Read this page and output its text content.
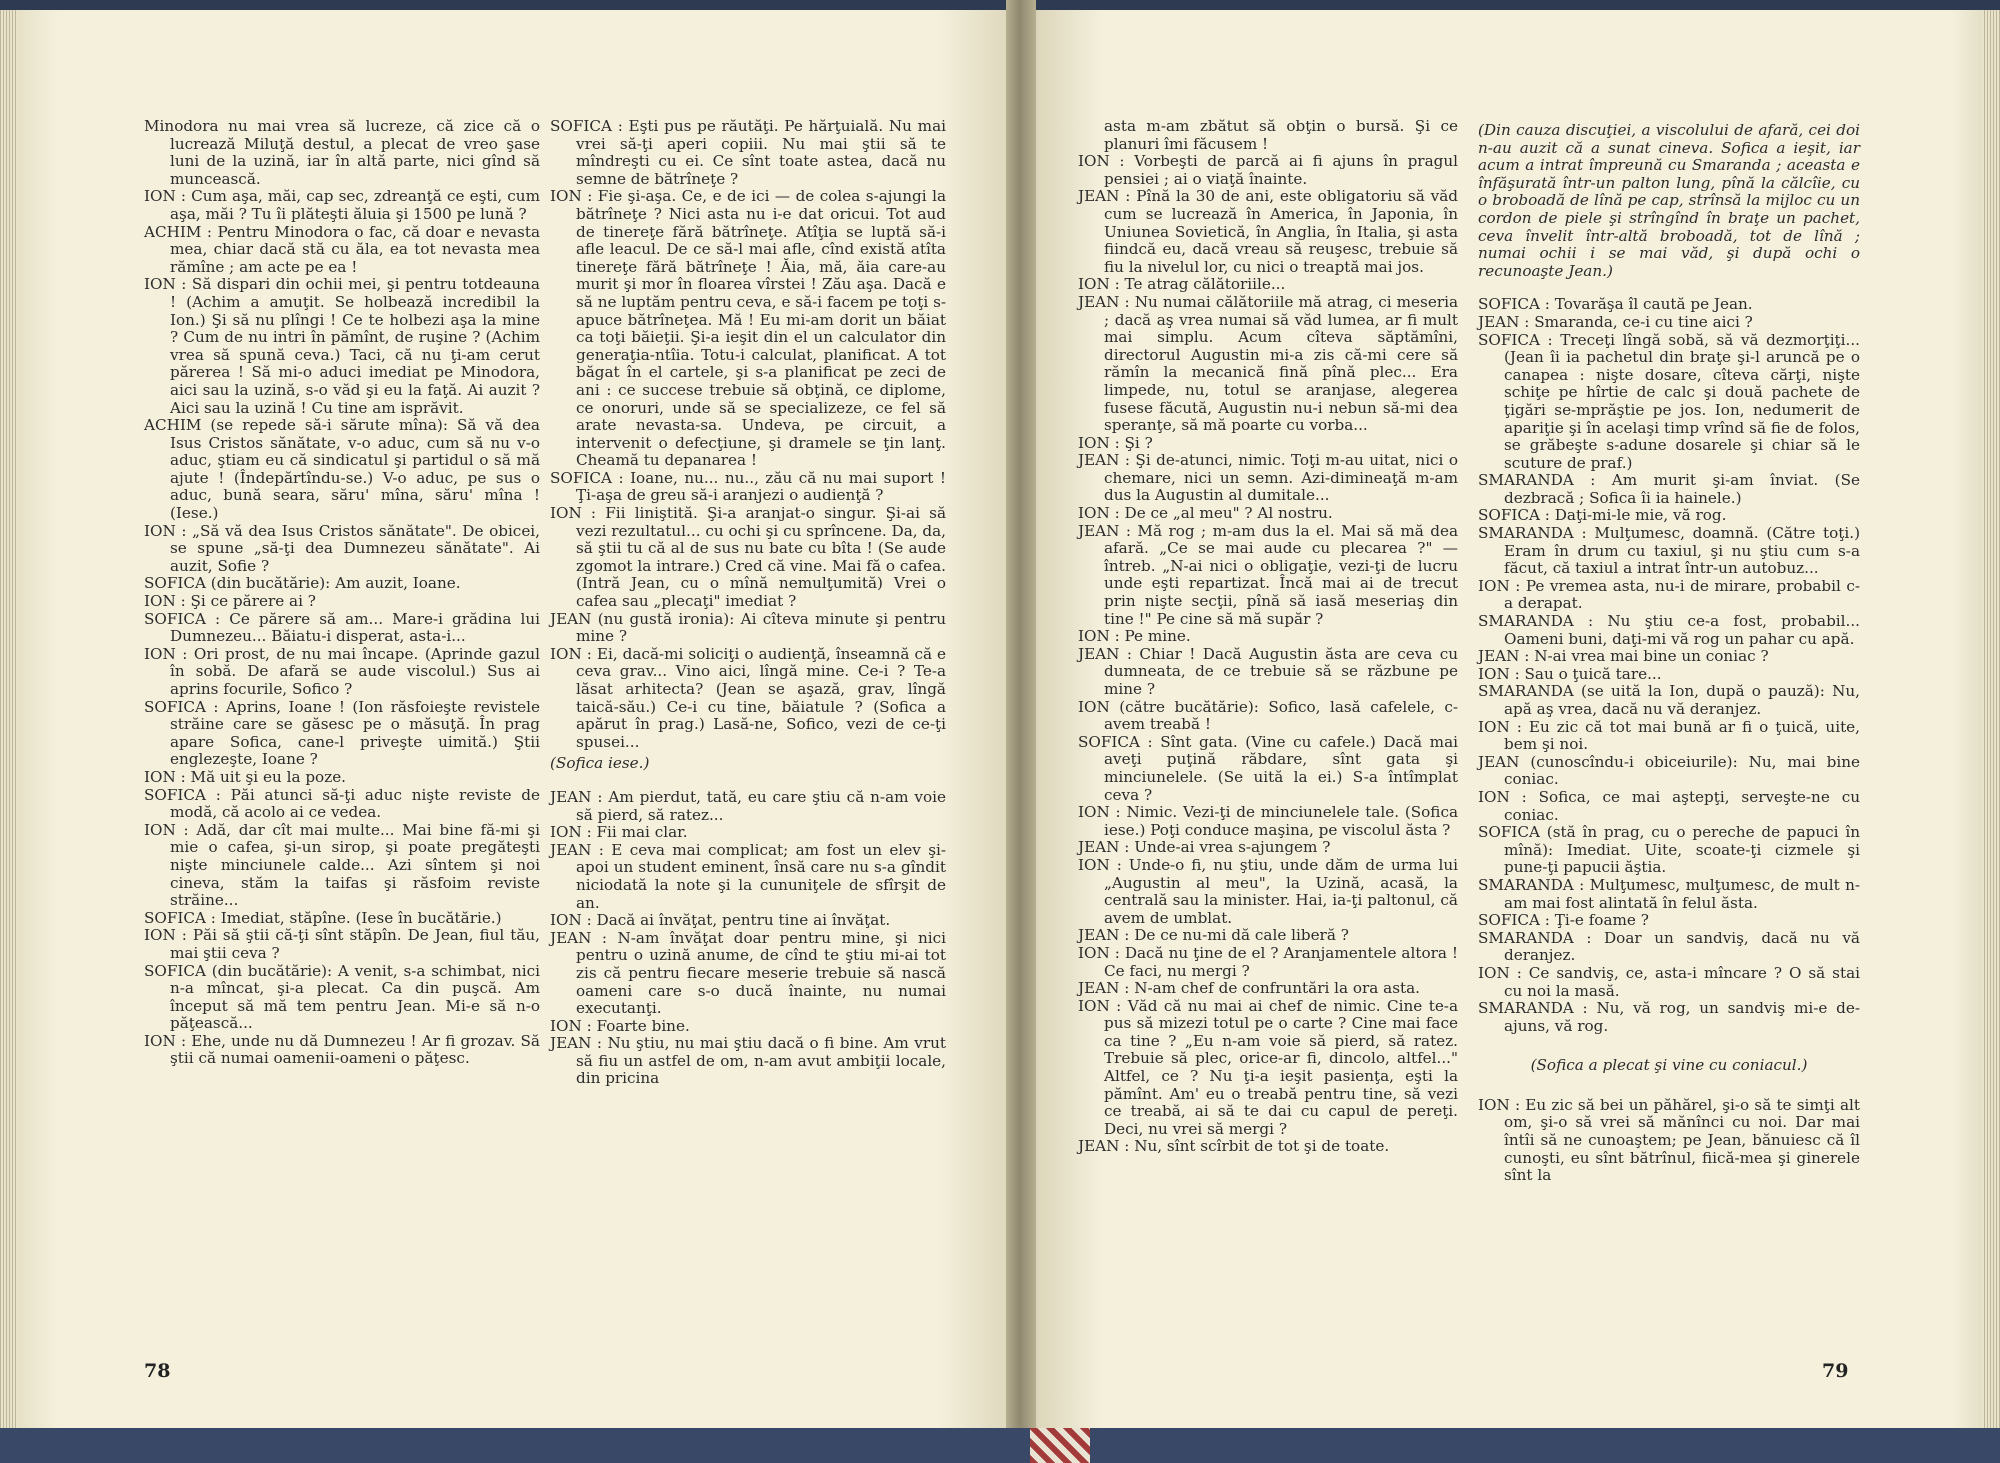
Minodora nu mai vrea să lucreze, că zice că o lucrează Miluţă destul, a plecat de vreo şase luni de la uzină, iar în altă parte, nici gînd să muncească.

ION : Cum aşa, măi, cap sec, zdreanţă ce eşti, cum aşa, măi ? Tu îi plăteşti ăluia şi 1500 pe lună ?

ACHIM : Pentru Minodora o fac, că doar e nevasta mea, chiar dacă stă cu ăla, ea tot nevasta mea rămîne ; am acte pe ea !

ION : Să dispari din ochii mei, şi pentru totdeauna ! (Achim a amuţit. Se holbează incredibil la Ion.) Şi să nu plîngi ! Ce te holbezi aşa la mine ? Cum de nu intri în pămînt, de ruşine ? (Achim vrea să spună ceva.) Taci, că nu ţi-am cerut părerea ! Să mi-o aduci imediat pe Minodora, aici sau la uzină, s-o văd şi eu la faţă. Ai auzit ? Aici sau la uzină ! Cu tine am isprăvit.

ACHIM (se repede să-i sărute mîna): Să vă dea Isus Cristos sănătate, v-o aduc, cum să nu v-o aduc, ştiam eu că sindicatul şi partidul o să mă ajute ! (Îndepărtîndu-se.) V-o aduc, pe sus o aduc, bună seara, săru' mîna, săru' mîna ! (Iese.)

ION : „Să vă dea Isus Cristos sănătate". De obicei, se spune „să-ţi dea Dumnezeu sănătate". Ai auzit, Sofie ?

SOFICA (din bucătărie): Am auzit, Ioane.

ION : Şi ce părere ai ?

SOFICA : Ce părere să am... Mare-i grădina lui Dumnezeu... Băiatu-i disperat, asta-i...

ION : Ori prost, de nu mai încape. (Aprinde gazul în sobă. De afară se aude viscolul.) Sus ai aprins focurile, Sofico ?

SOFICA : Aprins, Ioane ! (Ion răsfoieşte revistele străine care se găsesc pe o măsuţă. În prag apare Sofica, cane-l priveşte uimită.) Ştii englezeşte, Ioane ?

ION : Mă uit şi eu la poze.

SOFICA : Păi atunci să-ţi aduc nişte reviste de modă, că acolo ai ce vedea.

ION : Adă, dar cît mai multe... Mai bine fă-mi şi mie o cafea, şi-un sirop, şi poate pregăteşti nişte minciunele calde... Azi sîntem şi noi cineva, stăm la taifas şi răsfoim reviste străine...

SOFICA : Imediat, stăpîne. (Iese în bucătărie.)

ION : Păi să ştii că-ţi sînt stăpîn. De Jean, fiul tău, mai ştii ceva ?

SOFICA (din bucătărie): A venit, s-a schimbat, nici n-a mîncat, şi-a plecat. Ca din puşcă. Am început să mă tem pentru Jean. Mi-e să n-o păţească...

ION : Ehe, unde nu dă Dumnezeu ! Ar fi grozav. Să ştii că numai oamenii-oameni o păţesc.

SOFICA : Eşti pus pe răutăţi. Pe hărţuială. Nu mai vrei să-ţi aperi copiii. Nu mai ştii să te mîndreşti cu ei. Ce sînt toate astea, dacă nu semne de bătrîneţe ?

ION : Fie şi-aşa. Ce, e de ici — de colea s-ajungi la bătrîneţe ? Nici asta nu i-e dat oricui. Tot aud de tinereţe fără bătrîneţe. Atîţia se luptă să-i afle leacul. De ce să-l mai afle, cînd există atîta tinereţe fără bătrîneţe ! Ăia, mă, ăia care-au murit şi mor în floarea vîrstei ! Zău aşa. Dacă e să ne luptăm pentru ceva, e să-i facem pe toţi s-apuce bătrîneţea. Mă ! Eu mi-am dorit un băiat ca toţi băieţii. Şi-a ieşit din el un calculator din generaţia-ntîia. Totu-i calculat, planificat. A tot băgat în el cartele, şi s-a planificat pe zeci de ani : ce succese trebuie să obţină, ce diplome, ce onoruri, unde să se specializeze, ce fel să arate nevasta-sa. Undeva, pe circuit, a intervenit o defecţiune, şi dramele se ţin lanţ. Cheamă tu depanarea !

SOFICA : Ioane, nu... nu.., zău că nu mai suport ! Ţi-aşa de greu să-i aranjezi o audienţă ?

ION : Fii liniştită. Şi-a aranjat-o singur. Şi-ai să vezi rezultatul... cu ochi şi cu sprîncene. Da, da, să ştii tu că al de sus nu bate cu bîta ! (Se aude zgomot la intrare.) Cred că vine. Mai fă o cafea. (Intră Jean, cu o mînă nemulţumită) Vrei o cafea sau „plecaţi" imediat ?

JEAN (nu gustă ironia): Ai cîteva minute şi pentru mine ?

ION : Ei, dacă-mi soliciţi o audienţă, înseamnă că e ceva grav... Vino aici, lîngă mine. Ce-i ? Te-a lăsat arhitecta? (Jean se aşază, grav, lîngă taică-său.) Ce-i cu tine, băiatule ? (Sofica a apărut în prag.) Lasă-ne, Sofico, vezi de ce-ţi spusei...

(Sofica iese.)

JEAN : Am pierdut, tată, eu care ştiu că n-am voie să pierd, să ratez...

ION : Fii mai clar.

JEAN : E ceva mai complicat; am fost un elev şi-apoi un student eminent, însă care nu s-a gîndit niciodată la note şi la cununiţele de sfîrşit de an.

ION : Dacă ai învăţat, pentru tine ai învăţat.

JEAN : N-am învăţat doar pentru mine, şi nici pentru o uzină anume, de cînd te ştiu mi-ai tot zis că pentru fiecare meserie trebuie să nască oameni care s-o ducă înainte, nu numai executanţi.

ION : Foarte bine.

JEAN : Nu ştiu, nu mai ştiu dacă o fi bine. Am vrut să fiu un astfel de om, n-am avut ambiţii locale, din pricina

78

asta m-am zbătut să obţin o bursă. Şi ce planuri îmi făcusem !

ION : Vorbeşti de parcă ai fi ajuns în pragul pensiei ; ai o viaţă înainte.

JEAN : Pînă la 30 de ani, este obligatoriu să văd cum se lucrează în America, în Japonia, în Uniunea Sovietică, în Anglia, în Italia, şi asta fiindcă eu, dacă vreau să reuşesc, trebuie să fiu la nivelul lor, cu nici o treaptă mai jos.

ION : Te atrag călătoriile...

JEAN : Nu numai călătoriile mă atrag, ci meseria ; dacă aş vrea numai să văd lumea, ar fi mult mai simplu. Acum cîteva săptămîni, directorul Augustin mi-a zis că-mi cere să rămîn la mecanică fină pînă plec... Era limpede, nu, totul se aranjase, alegerea fusese făcută, Augustin nu-i nebun să-mi dea speranţe, să mă poarte cu vorba...

ION : Şi ?

JEAN : Şi de-atunci, nimic. Toţi m-au uitat, nici o chemare, nici un semn. Azi-dimineaţă m-am dus la Augustin al dumitale...

ION : De ce „al meu" ? Al nostru.

JEAN : Mă rog ; m-am dus la el. Mai să mă dea afară. „Ce se mai aude cu plecarea ?" — întreb. „N-ai nici o obligaţie, vezi-ţi de lucru unde eşti repartizat. Încă mai ai de trecut prin nişte secţii, pînă să iasă meseriaş din tine !" Pe cine să mă supăr ?

ION : Pe mine.

JEAN : Chiar ! Dacă Augustin ăsta are ceva cu dumneata, de ce trebuie să se răzbune pe mine ?

ION (către bucătărie): Sofico, lasă cafelele, c-avem treabă !

SOFICA : Sînt gata. (Vine cu cafele.) Dacă mai aveţi puţină răbdare, sînt gata şi minciunelele. (Se uită la ei.) S-a întîmplat ceva ?

ION : Nimic. Vezi-ţi de minciunelele tale. (Sofica iese.) Poţi conduce maşina, pe viscolul ăsta ?

JEAN : Unde-ai vrea s-ajungem ?

ION : Unde-o fi, nu ştiu, unde dăm de urma lui „Augustin al meu", la Uzină, acasă, la centrală sau la minister. Hai, ia-ţi paltonul, că avem de umblat.

JEAN : De ce nu-mi dă cale liberă ?

ION : Dacă nu ţine de el ? Aranjamentele altora ! Ce faci, nu mergi ?

JEAN : N-am chef de confruntări la ora asta.

ION : Văd că nu mai ai chef de nimic. Cine te-a pus să mizezi totul pe o carte ? Cine mai face ca tine ? „Eu n-am voie să pierd, să ratez. Trebuie să plec, orice-ar fi, dincolo, altfel..." Altfel, ce ? Nu ţi-a ieşit pasienţa, eşti la pămînt. Am' eu o treabă pentru tine, să vezi ce treabă, ai să te dai cu capul de pereţi. Deci, nu vrei să mergi ?

JEAN : Nu, sînt scîrbit de tot şi de toate.

(Din cauza discuţiei, a viscolului de afară, cei doi n-au auzit că a sunat cineva. Sofica a ieşit, iar acum a intrat împreună cu Smaranda ; aceasta e înfăşurată într-un palton lung, pînă la călcîie, cu o broboadă de lînă pe cap, strînsă la mijloc cu un cordon de piele şi strîngînd în braţe un pachet, ceva învelit într-altă broboadă, tot de lînă ; numai ochii i se mai văd, şi după ochi o recunoaşte Jean.)

SOFICA : Tovarăşa îl caută pe Jean.

JEAN : Smaranda, ce-i cu tine aici ?

SOFICA : Treceţi lîngă sobă, să vă dezmorţiţi... (Jean îi ia pachetul din braţe şi-l aruncă pe o canapea : nişte dosare, cîteva cărţi, nişte schiţe pe hîrtie de calc şi două pachete de ţigări se-mprăştie pe jos. Ion, nedumerit de apariţie şi în acelaşi timp vrînd să fie de folos, se grăbeşte s-adune dosarele şi chiar să le scuture de praf.)

SMARANDA : Am murit şi-am înviat. (Se dezbracă ; Sofica îi ia hainele.)

SOFICA : Daţi-mi-le mie, vă rog.

SMARANDA : Mulţumesc, doamnă. (Către toţi.) Eram în drum cu taxiul, şi nu ştiu cum s-a făcut, că taxiul a intrat într-un autobuz...

ION : Pe vremea asta, nu-i de mirare, probabil c-a derapat.

SMARANDA : Nu ştiu ce-a fost, probabil... Oameni buni, daţi-mi vă rog un pahar cu apă.

JEAN : N-ai vrea mai bine un coniac ?

ION : Sau o ţuică tare...

SMARANDA (se uită la Ion, după o pauză): Nu, apă aş vrea, dacă nu vă deranjez.

ION : Eu zic că tot mai bună ar fi o ţuică, uite, bem şi noi.

JEAN (cunoscîndu-i obiceiurile): Nu, mai bine coniac.

ION : Sofica, ce mai aştepţi, serveşte-ne cu coniac.

SOFICA (stă în prag, cu o pereche de papuci în mînă): Imediat. Uite, scoate-ţi cizmele şi pune-ţi papucii ăştia.

SMARANDA : Mulţumesc, mulţumesc, de mult n-am mai fost alintată în felul ăsta.

SOFICA : Ţi-e foame ?

SMARANDA : Doar un sandviş, dacă nu vă deranjez.

ION : Ce sandviş, ce, asta-i mîncare ? O să stai cu noi la masă.

SMARANDA : Nu, vă rog, un sandviş mi-e de-ajuns, vă rog.

(Sofica a plecat şi vine cu coniacul.)

ION : Eu zic să bei un păhărel, şi-o să te simţi alt om, şi-o să vrei să mănînci cu noi. Dar mai întîi să ne cunoaştem; pe Jean, bănuiesc că îl cunoşti, eu sînt bătrînul, fiică-mea şi ginerele sînt la

79
